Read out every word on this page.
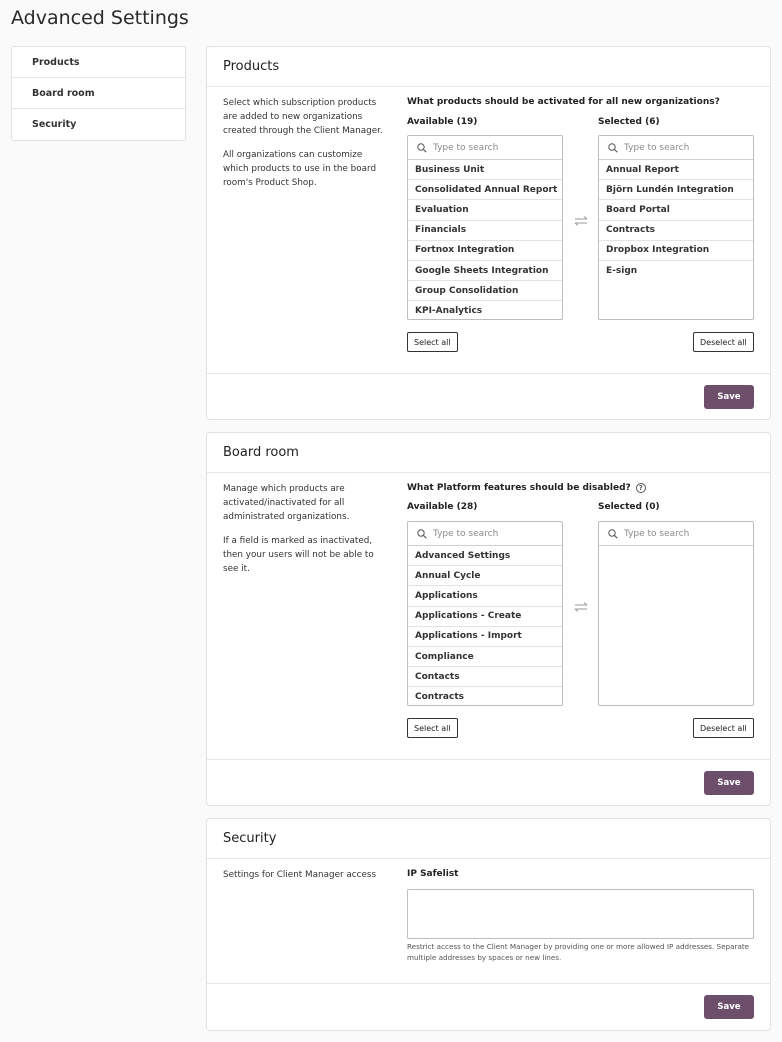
Advanced Settings
Products
Board room
Security
Products

Select which subscription products are added to new organizations created through the Client Manager.

All organizations can customize which products to use in the board room's Product Shop.

What products should be activated for all new organizations?
Available (19)	Selected (6)
Type to search
Business Unit
Consolidated Annual Report
Evaluation
Financials
Fortnox Integration
Google Sheets Integration
Group Consolidation
KPI-Analytics
Type to search
Annual Report
Björn Lundén Integration
Board Portal
Contracts
Dropbox Integration
E-sign
Select all	Deselect all
Save
Board room

Manage which products are activated/inactivated for all administrated organizations.

If a field is marked as inactivated, then your users will not be able to see it.

What Platform features should be disabled?	?
Available (28)	Selected (0)
Type to search
Advanced Settings
Annual Cycle
Applications
Applications - Create
Applications - Import
Compliance
Contacts
Contracts
Type to search
Select all	Deselect all
Save
Security
Settings for Client Manager access	IP Safelist
Restrict access to the Client Manager by providing one or more allowed IP addresses. Separate multiple addresses by spaces or new lines.
Save
